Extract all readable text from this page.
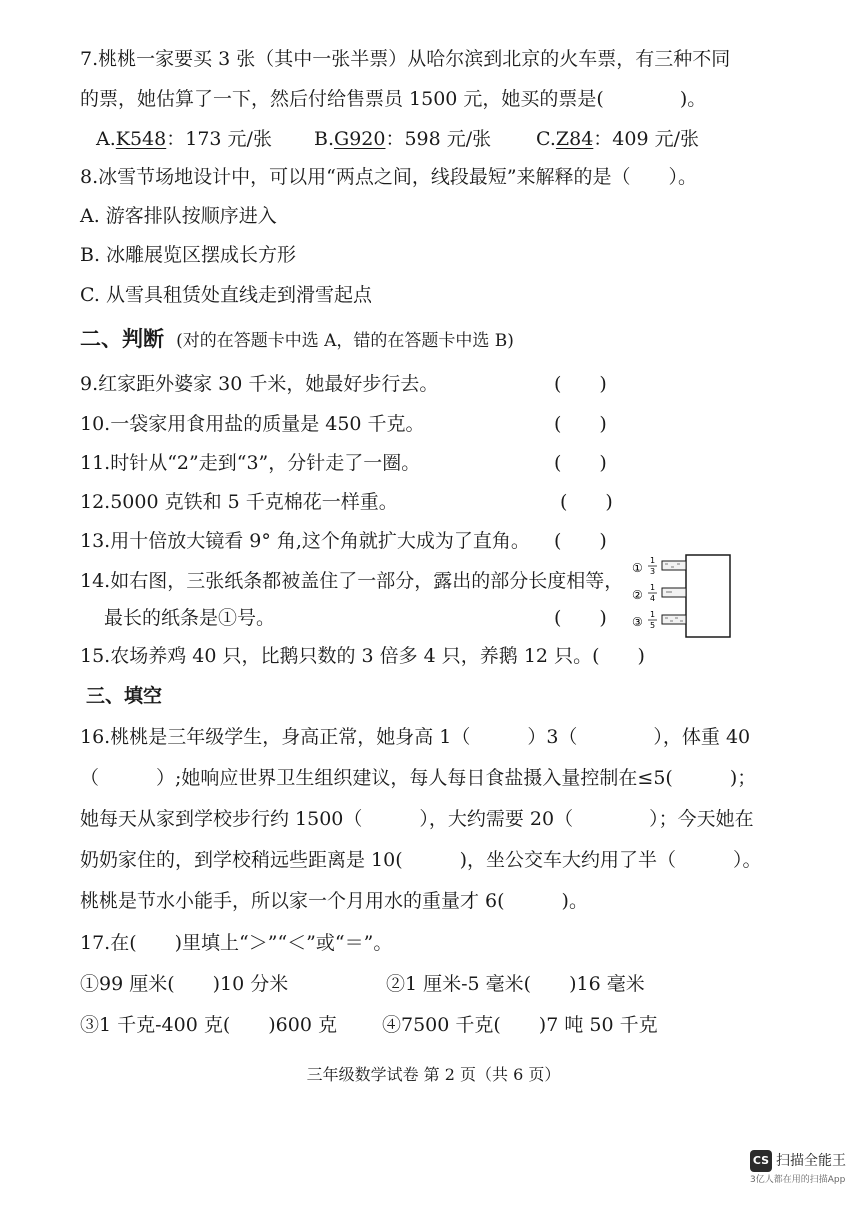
7.桃桃一家要买 3 张（其中一张半票）从哈尔滨到北京的火车票，有三种不同
的票，她估算了一下，然后付给售票员 1500 元，她买的票是(　　　　)。
A.K548：173 元/张 B.G920：598 元/张 C.Z84：409 元/张
8.冰雪节场地设计中，可以用“两点之间，线段最短”来解释的是（　　）。
A. 游客排队按顺序进入
B. 冰雕展览区摆成长方形
C. 从雪具租赁处直线走到滑雪起点
二、判断 (对的在答题卡中选 A，错的在答题卡中选 B)
9.红家距外婆家 30 千米，她最好步行去。	(　　)
10.一袋家用食用盐的质量是 450 千克。	(　　)
11.时针从“2”走到“3”，分针走了一圈。	(　　)
12.5000 克铁和 5 千克棉花一样重。	(　　)
13.用十倍放大镜看 9° 角,这个角就扩大成为了直角。 (　　)
14.如右图，三张纸条都被盖住了一部分，露出的部分长度相等，
最长的纸条是①号。	(　　)
①
1
3
②
1
4
③
1
5
15.农场养鸡 40 只，比鹅只数的 3 倍多 4 只，养鹅 12 只。(　　)
三、填空
16.桃桃是三年级学生，身高正常，她身高 1（　　　）3（　　　　），体重 40
（　　　）;她响应世界卫生组织建议，每人每日食盐摄入量控制在≤5(　　　)；
她每天从家到学校步行约 1500（　　　），大约需要 20（　　　　）；今天她在
奶奶家住的，到学校稍远些距离是 10(　　　)，坐公交车大约用了半（　　　）。
桃桃是节水小能手，所以家一个月用水的重量才 6(　　　)。
17.在(　　)里填上“＞”“＜”或“＝”。
①99 厘米(　　)10 分米	②1 厘米-5 毫米(　　)16 毫米
③1 千克-400 克(　　)600 克 ④7500 千克(　　)7 吨 50 千克
三年级数学试卷 第 2 页（共 6 页）
CS 扫描全能王
3亿人都在用的扫描App
